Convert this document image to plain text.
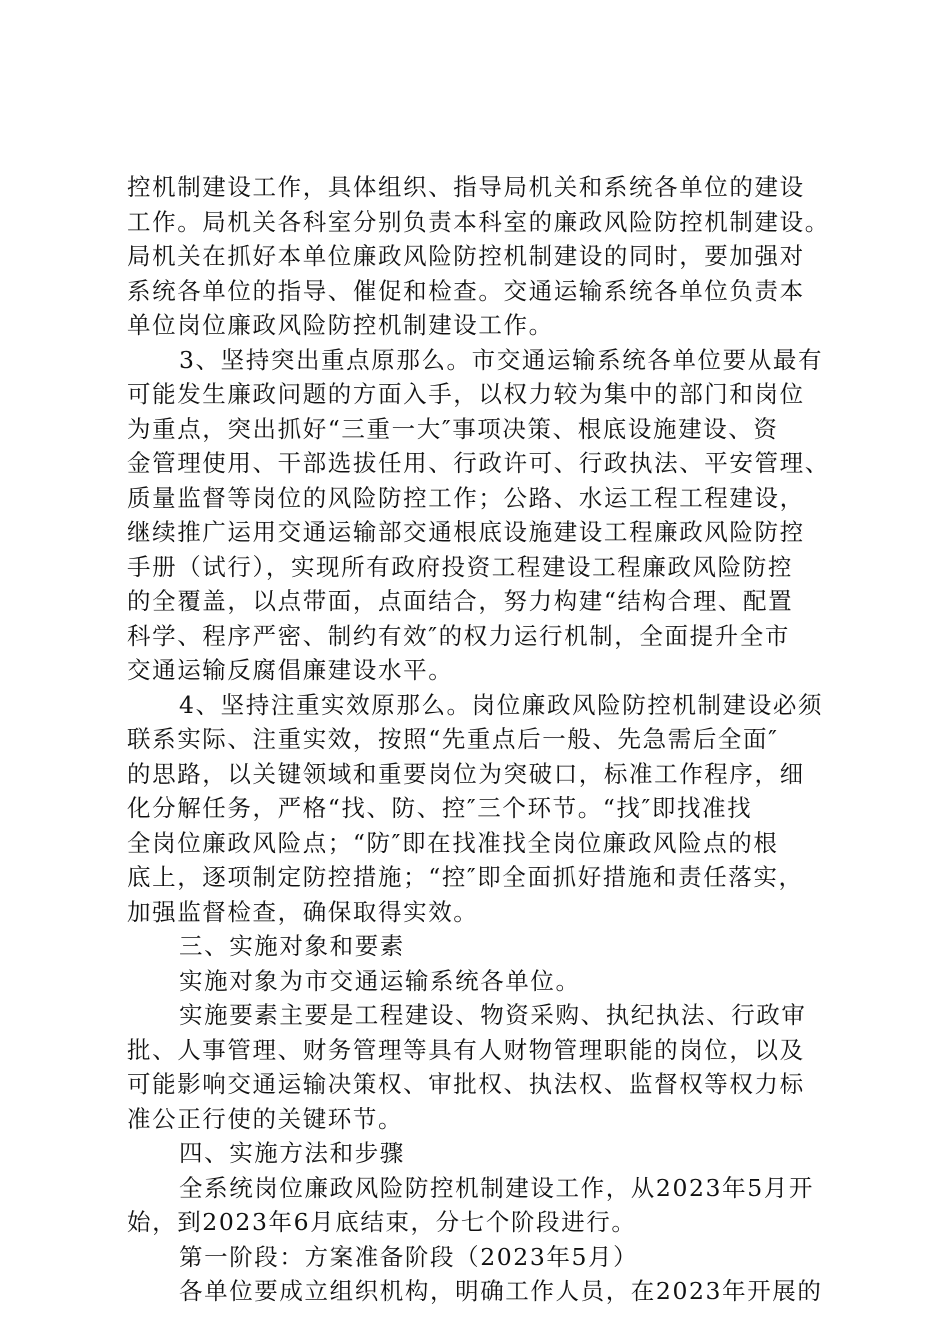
控机制建设工作，具体组织、指导局机关和系统各单位的建设
工作。局机关各科室分别负责本科室的廉政风险防控机制建设。
局机关在抓好本单位廉政风险防控机制建设的同时，要加强对
系统各单位的指导、催促和检查。交通运输系统各单位负责本
单位岗位廉政风险防控机制建设工作。
3、坚持突出重点原那么。市交通运输系统各单位要从最有
可能发生廉政问题的方面入手，以权力较为集中的部门和岗位
为重点，突出抓好“三重一大″事项决策、根底设施建设、资
金管理使用、干部选拔任用、行政许可、行政执法、平安管理、
质量监督等岗位的风险防控工作；公路、水运工程工程建设，
继续推广运用交通运输部交通根底设施建设工程廉政风险防控
手册（试行），实现所有政府投资工程建设工程廉政风险防控
的全覆盖，以点带面，点面结合，努力构建“结构合理、配置
科学、程序严密、制约有效″的权力运行机制，全面提升全市
交通运输反腐倡廉建设水平。
4、坚持注重实效原那么。岗位廉政风险防控机制建设必须
联系实际、注重实效，按照“先重点后一般、先急需后全面″
的思路，以关键领域和重要岗位为突破口，标准工作程序，细
化分解任务，严格“找、防、控″三个环节。“找″即找准找
全岗位廉政风险点；“防″即在找准找全岗位廉政风险点的根
底上，逐项制定防控措施；“控″即全面抓好措施和责任落实，
加强监督检查，确保取得实效。
三、实施对象和要素
实施对象为市交通运输系统各单位。
实施要素主要是工程建设、物资采购、执纪执法、行政审
批、人事管理、财务管理等具有人财物管理职能的岗位，以及
可能影响交通运输决策权、审批权、执法权、监督权等权力标
准公正行使的关键环节。
四、实施方法和步骤
全系统岗位廉政风险防控机制建设工作，从2023年5月开
始，到2023年6月底结束，分七个阶段进行。
第一阶段：方案准备阶段（2023年5月）
各单位要成立组织机构，明确工作人员，在2023年开展的
